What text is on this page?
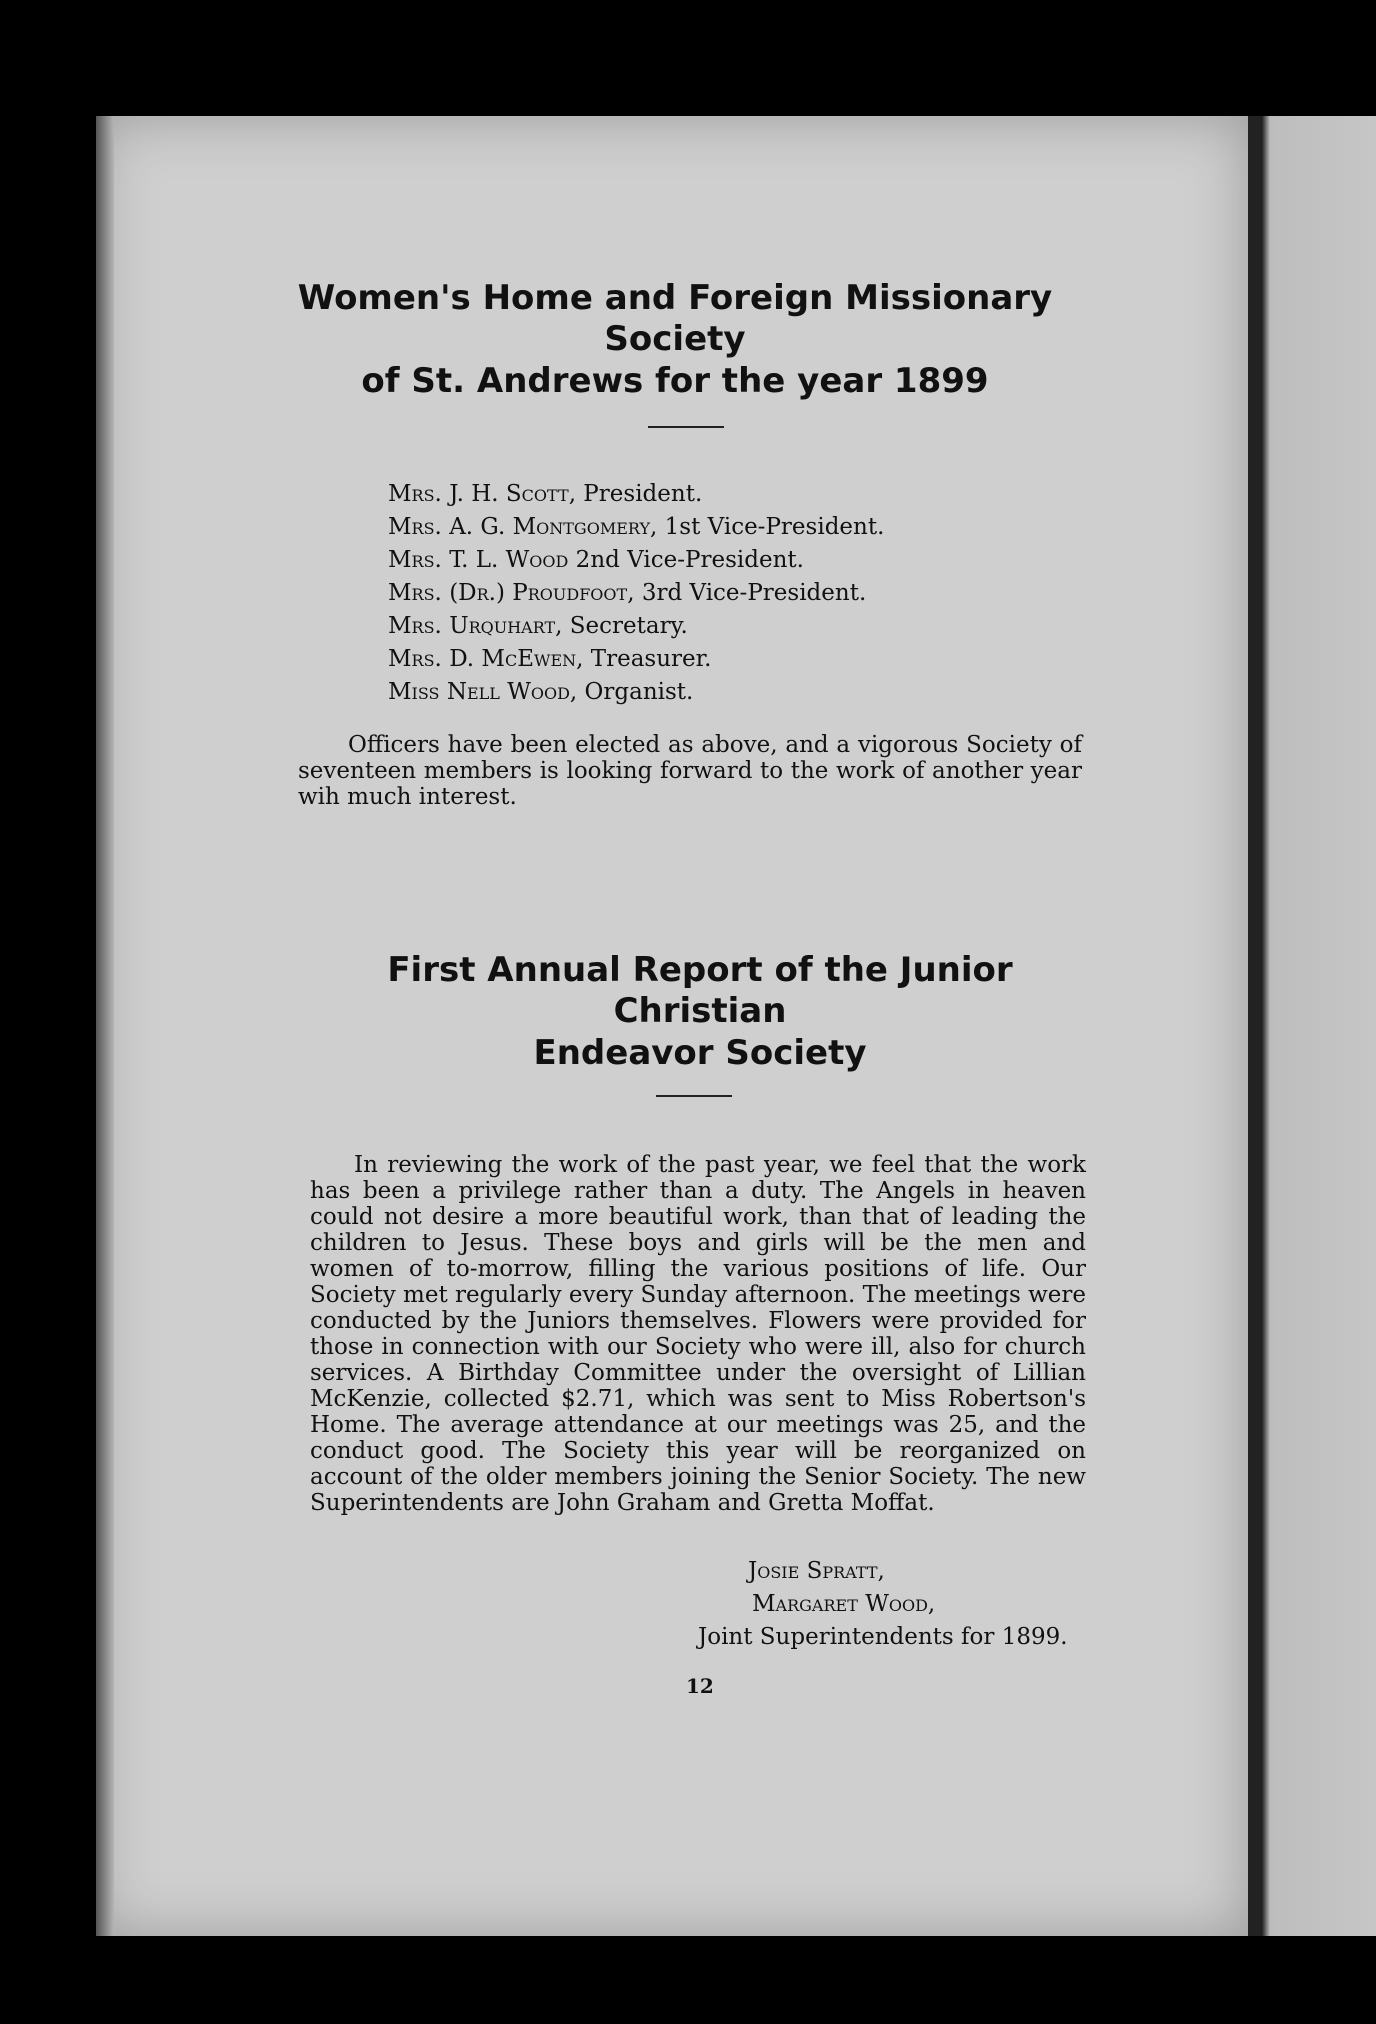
Women's Home and Foreign Missionary Society
of St. Andrews for the year 1899
Mrs. J. H. Scott, President.
Mrs. A. G. Montgomery, 1st Vice-President.
Mrs. T. L. Wood 2nd Vice-President.
Mrs. (Dr.) Proudfoot, 3rd Vice-President.
Mrs. Urquhart, Secretary.
Mrs. D. McEwen, Treasurer.
Miss Nell Wood, Organist.
Officers have been elected as above, and a vigorous Society of seventeen members is looking forward to the work of another year wih much interest.
First Annual Report of the Junior Christian
Endeavor Society
In reviewing the work of the past year, we feel that the work has been a privilege rather than a duty. The Angels in heaven could not desire a more beautiful work, than that of leading the children to Jesus. These boys and girls will be the men and women of to-morrow, filling the various positions of life. Our Society met regularly every Sunday afternoon. The meetings were conducted by the Juniors themselves. Flowers were provided for those in connection with our Society who were ill, also for church services. A Birthday Committee under the oversight of Lillian McKenzie, collected $2.71, which was sent to Miss Robertson's Home. The average attendance at our meetings was 25, and the conduct good. The Society this year will be reorganized on account of the older members joining the Senior Society. The new Superintendents are John Graham and Gretta Moffat.
Josie Spratt,
Margaret Wood,
Joint Superintendents for 1899.
12
